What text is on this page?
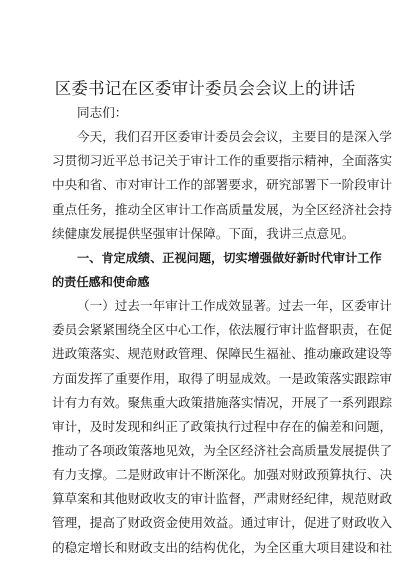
区委书记在区委审计委员会会议上的讲话
同志们：
今天，我们召开区委审计委员会会议，主要目的是深入学
习贯彻习近平总书记关于审计工作的重要指示精神，全面落实
中央和省、市对审计工作的部署要求，研究部署下一阶段审计
重点任务，推动全区审计工作高质量发展，为全区经济社会持
续健康发展提供坚强审计保障。下面，我讲三点意见。
一、肯定成绩、正视问题，切实增强做好新时代审计工作
的责任感和使命感
（一）过去一年审计工作成效显著。过去一年，区委审计
委员会紧紧围绕全区中心工作，依法履行审计监督职责，在促
进政策落实、规范财政管理、保障民生福祉、推动廉政建设等
方面发挥了重要作用，取得了明显成效。一是政策落实跟踪审
计有力有效。聚焦重大政策措施落实情况，开展了一系列跟踪
审计，及时发现和纠正了政策执行过程中存在的偏差和问题，
推动了各项政策落地见效，为全区经济社会高质量发展提供了
有力支撑。二是财政审计不断深化。加强对财政预算执行、决
算草案和其他财政收支的审计监督，严肃财经纪律，规范财政
管理，提高了财政资金使用效益。通过审计，促进了财政收入
的稳定增长和财政支出的结构优化，为全区重大项目建设和社
